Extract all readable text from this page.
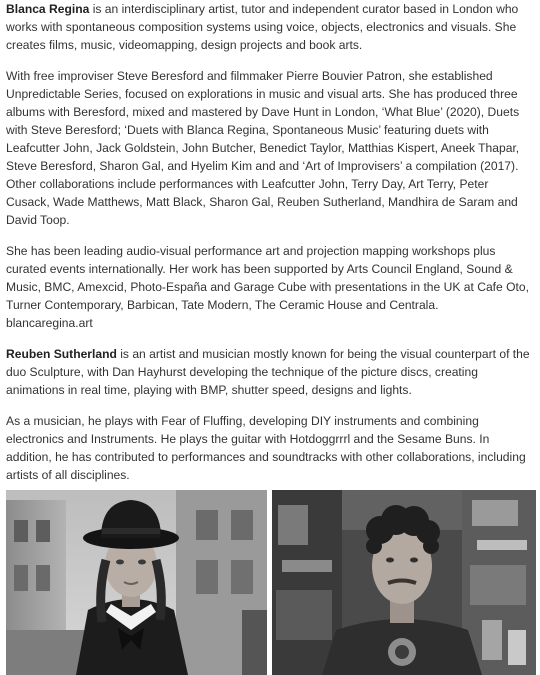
Blanca Regina is an interdisciplinary artist, tutor and independent curator based in London who works with spontaneous composition systems using voice, objects, electronics and visuals. She creates films, music, videomapping, design projects and book arts.

With free improviser Steve Beresford and filmmaker Pierre Bouvier Patron, she established Unpredictable Series, focused on explorations in music and visual arts. She has produced three albums with Beresford, mixed and mastered by Dave Hunt in London, ‘What Blue’ (2020), Duets with Steve Beresford; ‘Duets with Blanca Regina, Spontaneous Music’ featuring duets with Leafcutter John, Jack Goldstein, John Butcher, Benedict Taylor, Matthias Kispert, Aneek Thapar, Steve Beresford, Sharon Gal, and Hyelim Kim and and ‘Art of Improvisers’ a compilation (2017). Other collaborations include performances with Leafcutter John, Terry Day, Art Terry, Peter Cusack, Wade Matthews, Matt Black, Sharon Gal, Reuben Sutherland, Mandhira de Saram and David Toop.

She has been leading audio-visual performance art and projection mapping workshops plus curated events internationally. Her work has been supported by Arts Council England, Sound & Music, BMC, Amexcid, Photo-España and Garage Cube with presentations in the UK at Cafe Oto, Turner Contemporary, Barbican, Tate Modern, The Ceramic House and Centrala.
blancaregina.art

Reuben Sutherland is an artist and musician mostly known for being the visual counterpart of the duo Sculpture, with Dan Hayhurst developing the technique of the picture discs, creating animations in real time, playing with BMP, shutter speed, designs and lights.

As a musician, he plays with Fear of Fluffing, developing DIY instruments and combining electronics and Instruments. He plays the guitar with Hotdoggrrrl and the Sesame Buns. In addition, he has contributed to performances and soundtracks with other collaborations, including artists of all disciplines.
